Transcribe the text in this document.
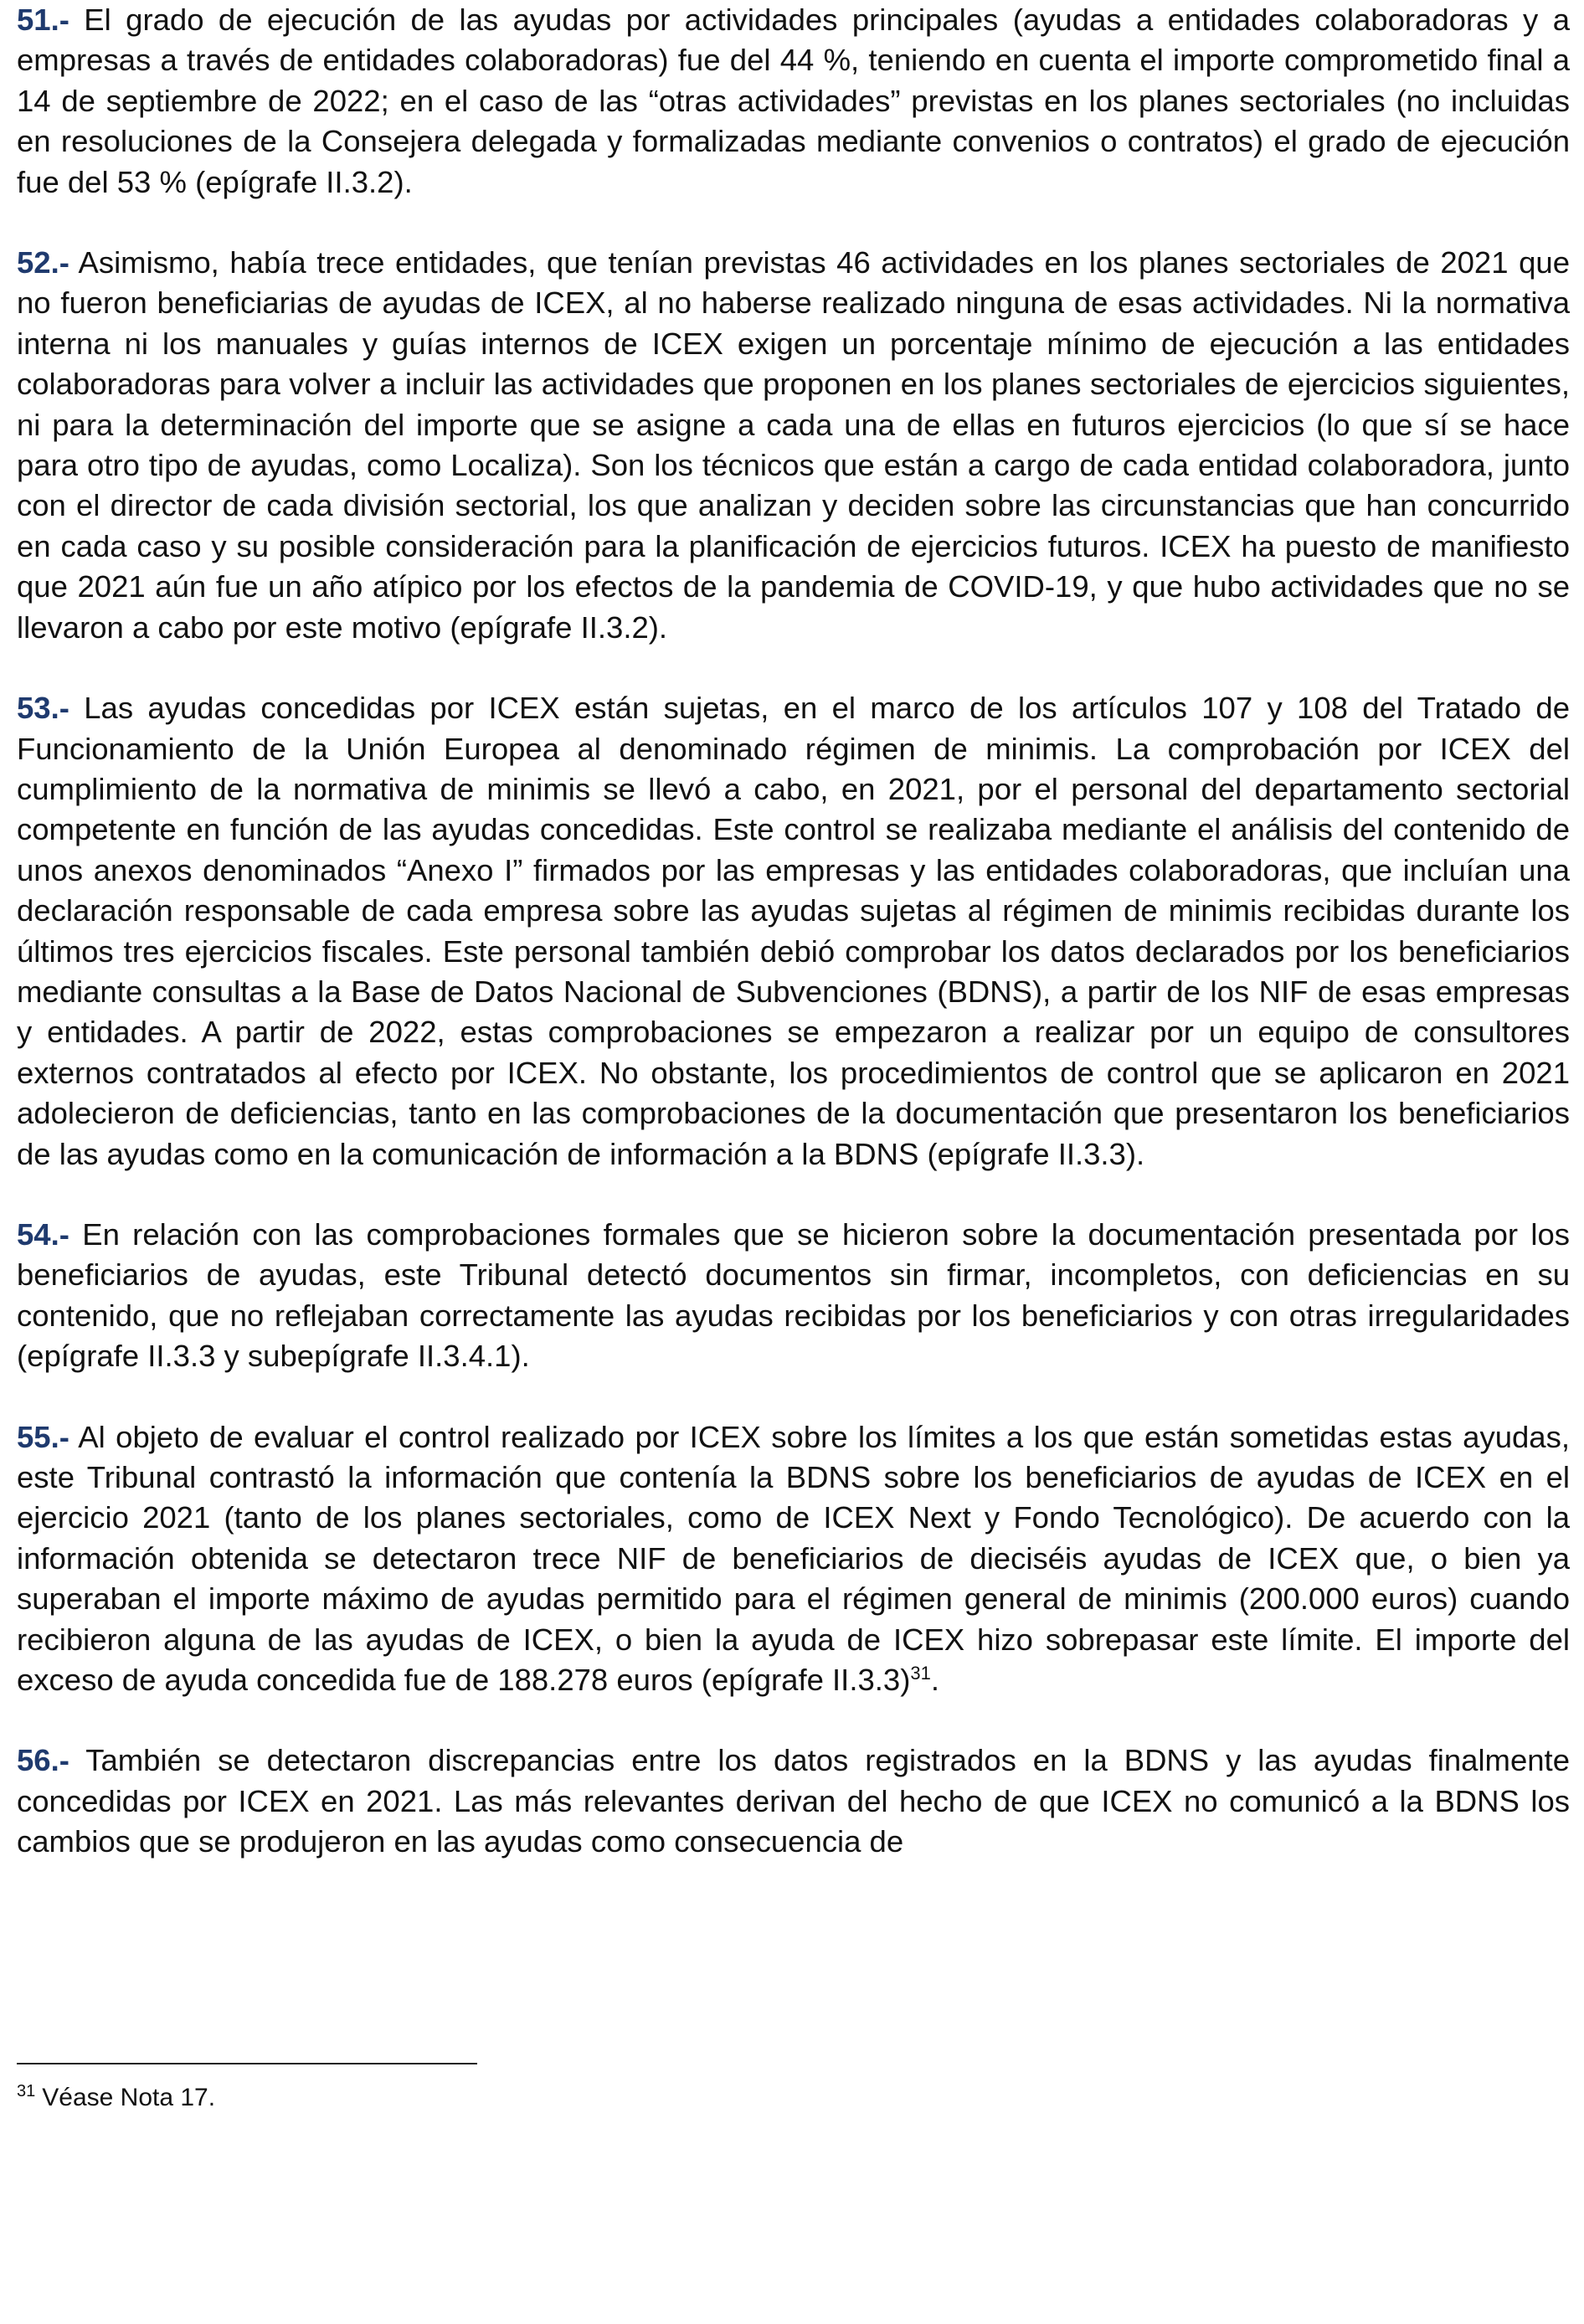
51.- El grado de ejecución de las ayudas por actividades principales (ayudas a entidades colaboradoras y a empresas a través de entidades colaboradoras) fue del 44 %, teniendo en cuenta el importe comprometido final a 14 de septiembre de 2022; en el caso de las “otras actividades” previstas en los planes sectoriales (no incluidas en resoluciones de la Consejera delegada y formalizadas mediante convenios o contratos) el grado de ejecución fue del 53 % (epígrafe II.3.2).

52.- Asimismo, había trece entidades, que tenían previstas 46 actividades en los planes sectoriales de 2021 que no fueron beneficiarias de ayudas de ICEX, al no haberse realizado ninguna de esas actividades. Ni la normativa interna ni los manuales y guías internos de ICEX exigen un porcentaje mínimo de ejecución a las entidades colaboradoras para volver a incluir las actividades que proponen en los planes sectoriales de ejercicios siguientes, ni para la determinación del importe que se asigne a cada una de ellas en futuros ejercicios (lo que sí se hace para otro tipo de ayudas, como Localiza). Son los técnicos que están a cargo de cada entidad colaboradora, junto con el director de cada división sectorial, los que analizan y deciden sobre las circunstancias que han concurrido en cada caso y su posible consideración para la planificación de ejercicios futuros. ICEX ha puesto de manifiesto que 2021 aún fue un año atípico por los efectos de la pandemia de COVID-19, y que hubo actividades que no se llevaron a cabo por este motivo (epígrafe II.3.2).

53.- Las ayudas concedidas por ICEX están sujetas, en el marco de los artículos 107 y 108 del Tratado de Funcionamiento de la Unión Europea al denominado régimen de minimis. La comprobación por ICEX del cumplimiento de la normativa de minimis se llevó a cabo, en 2021, por el personal del departamento sectorial competente en función de las ayudas concedidas. Este control se realizaba mediante el análisis del contenido de unos anexos denominados “Anexo I” firmados por las empresas y las entidades colaboradoras, que incluían una declaración responsable de cada empresa sobre las ayudas sujetas al régimen de minimis recibidas durante los últimos tres ejercicios fiscales. Este personal también debió comprobar los datos declarados por los beneficiarios mediante consultas a la Base de Datos Nacional de Subvenciones (BDNS), a partir de los NIF de esas empresas y entidades. A partir de 2022, estas comprobaciones se empezaron a realizar por un equipo de consultores externos contratados al efecto por ICEX. No obstante, los procedimientos de control que se aplicaron en 2021 adolecieron de deficiencias, tanto en las comprobaciones de la documentación que presentaron los beneficiarios de las ayudas como en la comunicación de información a la BDNS (epígrafe II.3.3).

54.- En relación con las comprobaciones formales que se hicieron sobre la documentación presentada por los beneficiarios de ayudas, este Tribunal detectó documentos sin firmar, incompletos, con deficiencias en su contenido, que no reflejaban correctamente las ayudas recibidas por los beneficiarios y con otras irregularidades (epígrafe II.3.3 y subepígrafe II.3.4.1).

55.- Al objeto de evaluar el control realizado por ICEX sobre los límites a los que están sometidas estas ayudas, este Tribunal contrastó la información que contenía la BDNS sobre los beneficiarios de ayudas de ICEX en el ejercicio 2021 (tanto de los planes sectoriales, como de ICEX Next y Fondo Tecnológico). De acuerdo con la información obtenida se detectaron trece NIF de beneficiarios de dieciséis ayudas de ICEX que, o bien ya superaban el importe máximo de ayudas permitido para el régimen general de minimis (200.000 euros) cuando recibieron alguna de las ayudas de ICEX, o bien la ayuda de ICEX hizo sobrepasar este límite. El importe del exceso de ayuda concedida fue de 188.278 euros (epígrafe II.3.3)$^{31}$.

56.- También se detectaron discrepancias entre los datos registrados en la BDNS y las ayudas finalmente concedidas por ICEX en 2021. Las más relevantes derivan del hecho de que ICEX no comunicó a la BDNS los cambios que se produjeron en las ayudas como consecuencia de

$^{31}$ Véase Nota 17.
